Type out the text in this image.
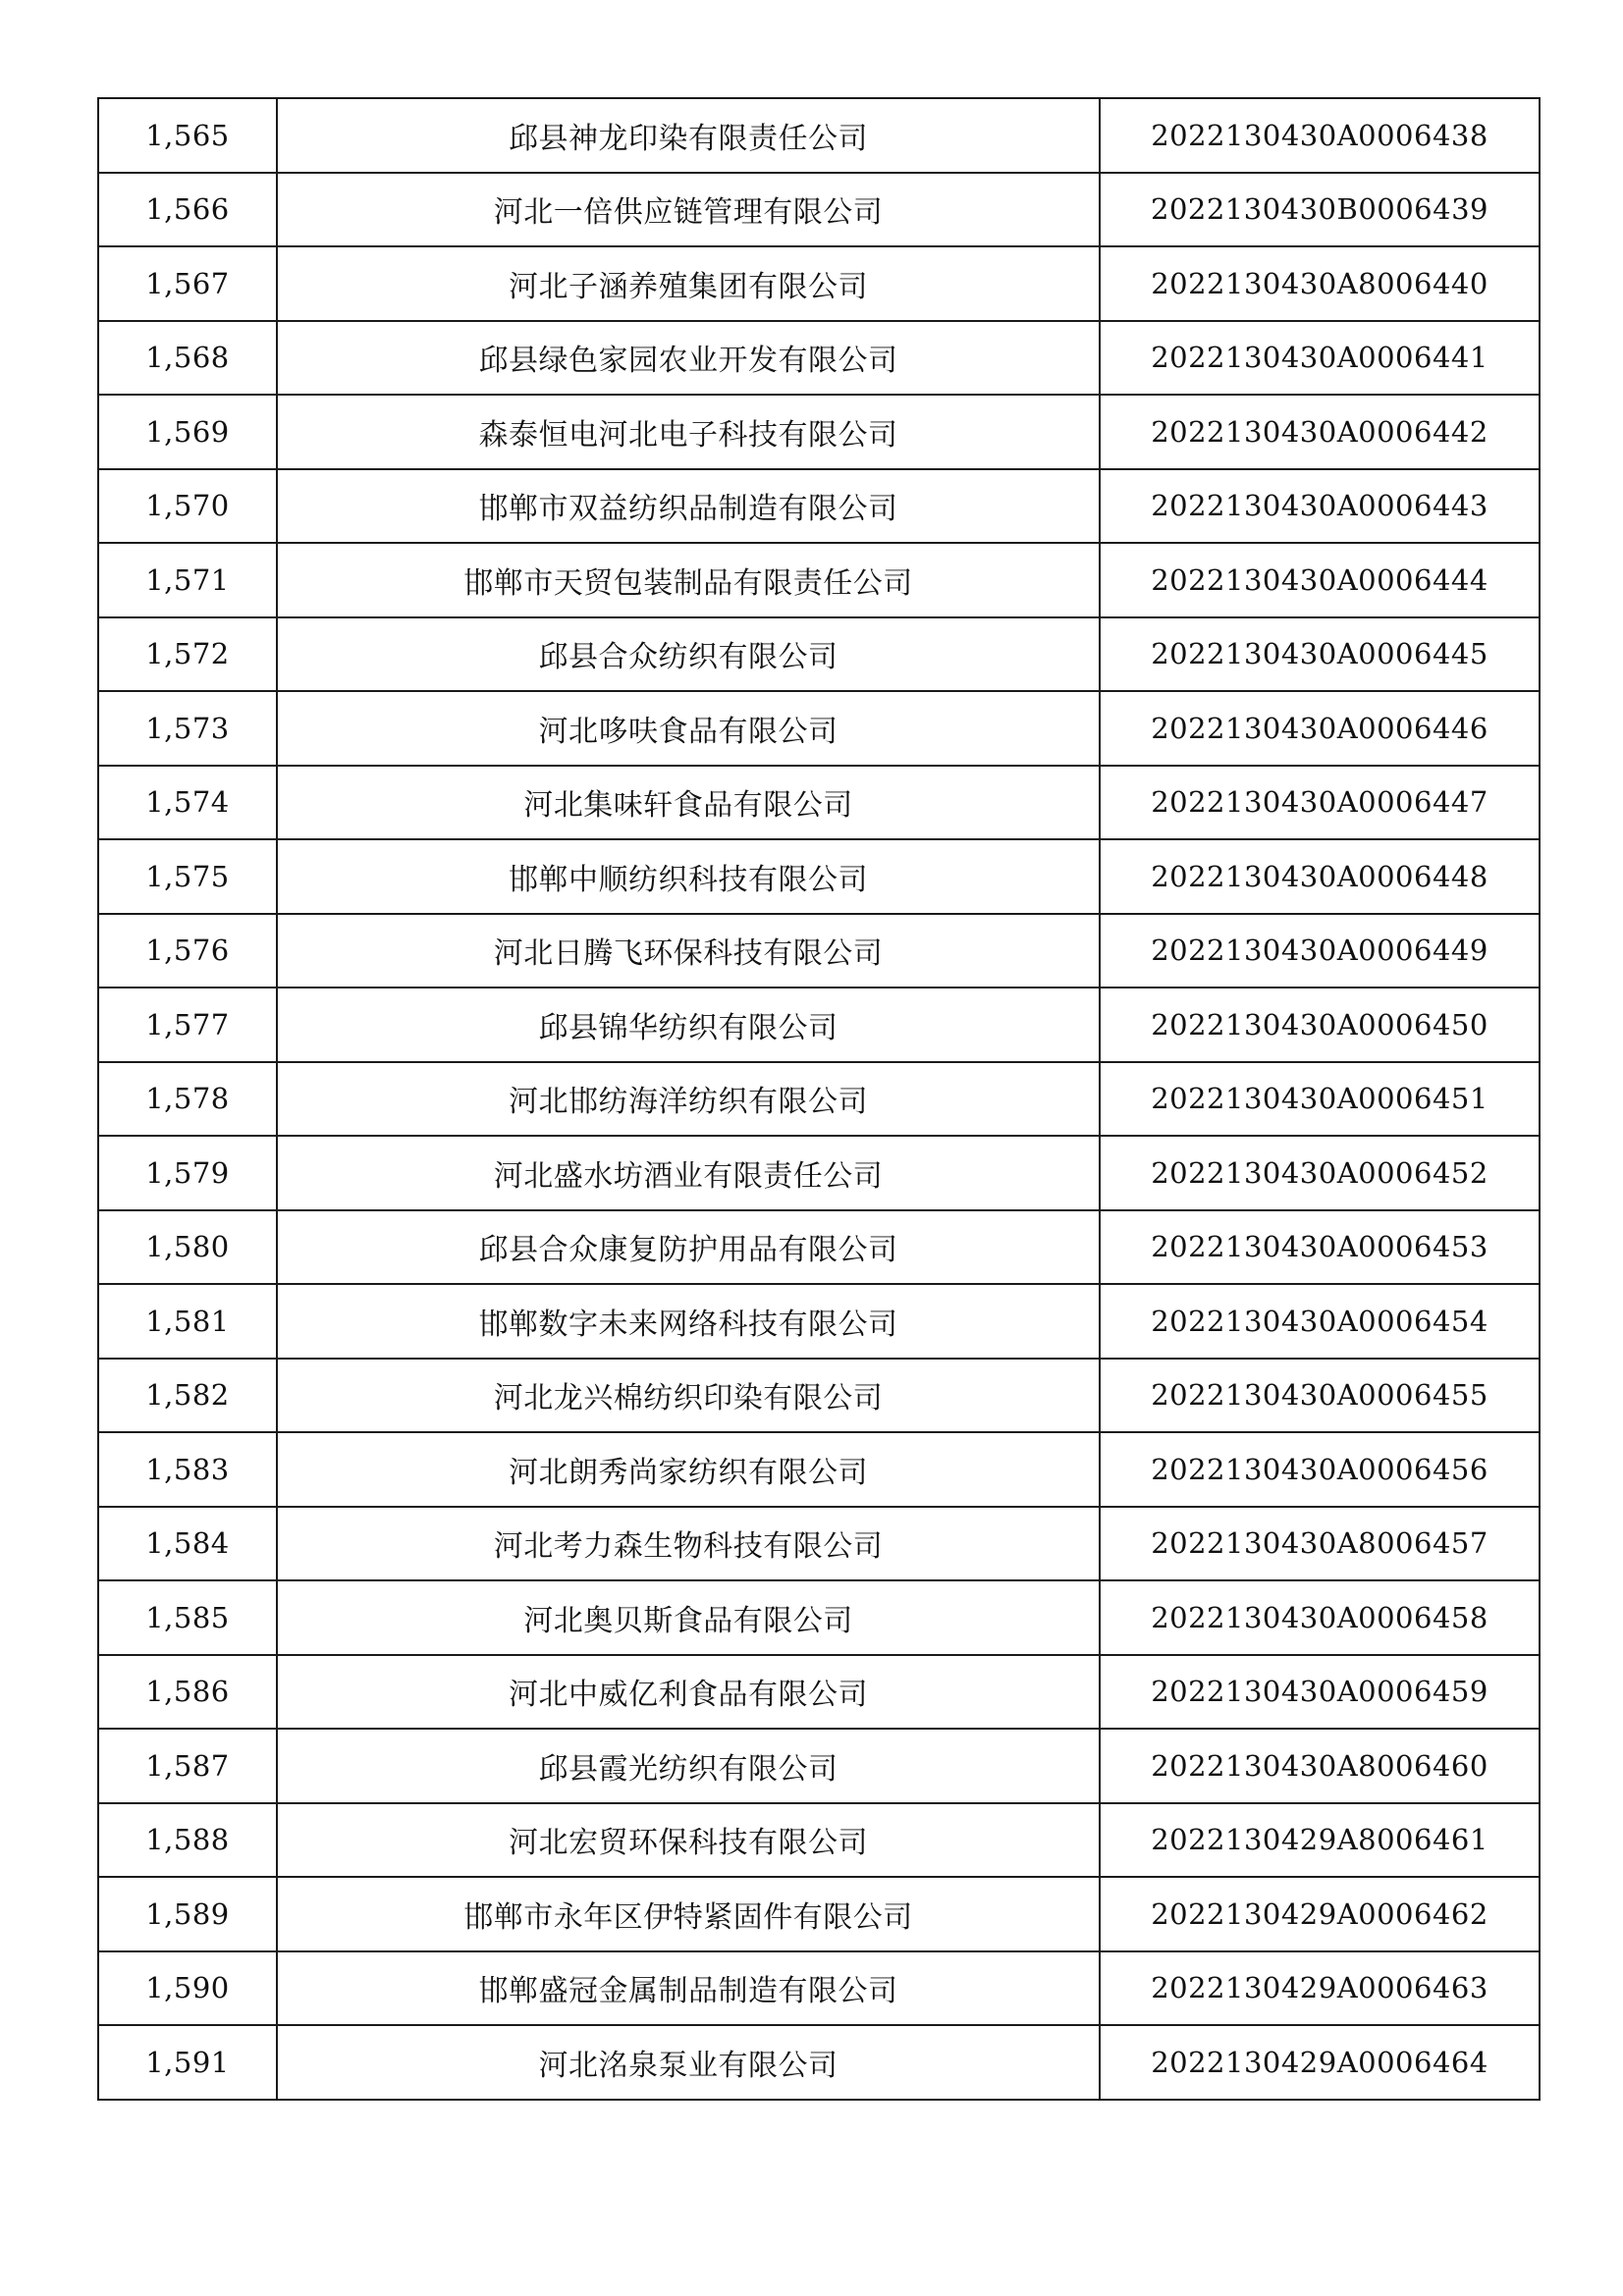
1,565	邱县神龙印染有限责任公司	2022130430A0006438
1,566	河北一倍供应链管理有限公司	2022130430B0006439
1,567	河北子涵养殖集团有限公司	2022130430A8006440
1,568	邱县绿色家园农业开发有限公司	2022130430A0006441
1,569	森泰恒电河北电子科技有限公司	2022130430A0006442
1,570	邯郸市双益纺织品制造有限公司	2022130430A0006443
1,571	邯郸市天贸包装制品有限责任公司	2022130430A0006444
1,572	邱县合众纺织有限公司	2022130430A0006445
1,573	河北哆呋食品有限公司	2022130430A0006446
1,574	河北集味轩食品有限公司	2022130430A0006447
1,575	邯郸中顺纺织科技有限公司	2022130430A0006448
1,576	河北日腾飞环保科技有限公司	2022130430A0006449
1,577	邱县锦华纺织有限公司	2022130430A0006450
1,578	河北邯纺海洋纺织有限公司	2022130430A0006451
1,579	河北盛水坊酒业有限责任公司	2022130430A0006452
1,580	邱县合众康复防护用品有限公司	2022130430A0006453
1,581	邯郸数字未来网络科技有限公司	2022130430A0006454
1,582	河北龙兴棉纺织印染有限公司	2022130430A0006455
1,583	河北朗秀尚家纺织有限公司	2022130430A0006456
1,584	河北考力森生物科技有限公司	2022130430A8006457
1,585	河北奥贝斯食品有限公司	2022130430A0006458
1,586	河北中威亿利食品有限公司	2022130430A0006459
1,587	邱县霞光纺织有限公司	2022130430A8006460
1,588	河北宏贸环保科技有限公司	2022130429A8006461
1,589	邯郸市永年区伊特紧固件有限公司	2022130429A0006462
1,590	邯郸盛冠金属制品制造有限公司	2022130429A0006463
1,591	河北洺泉泵业有限公司	2022130429A0006464
